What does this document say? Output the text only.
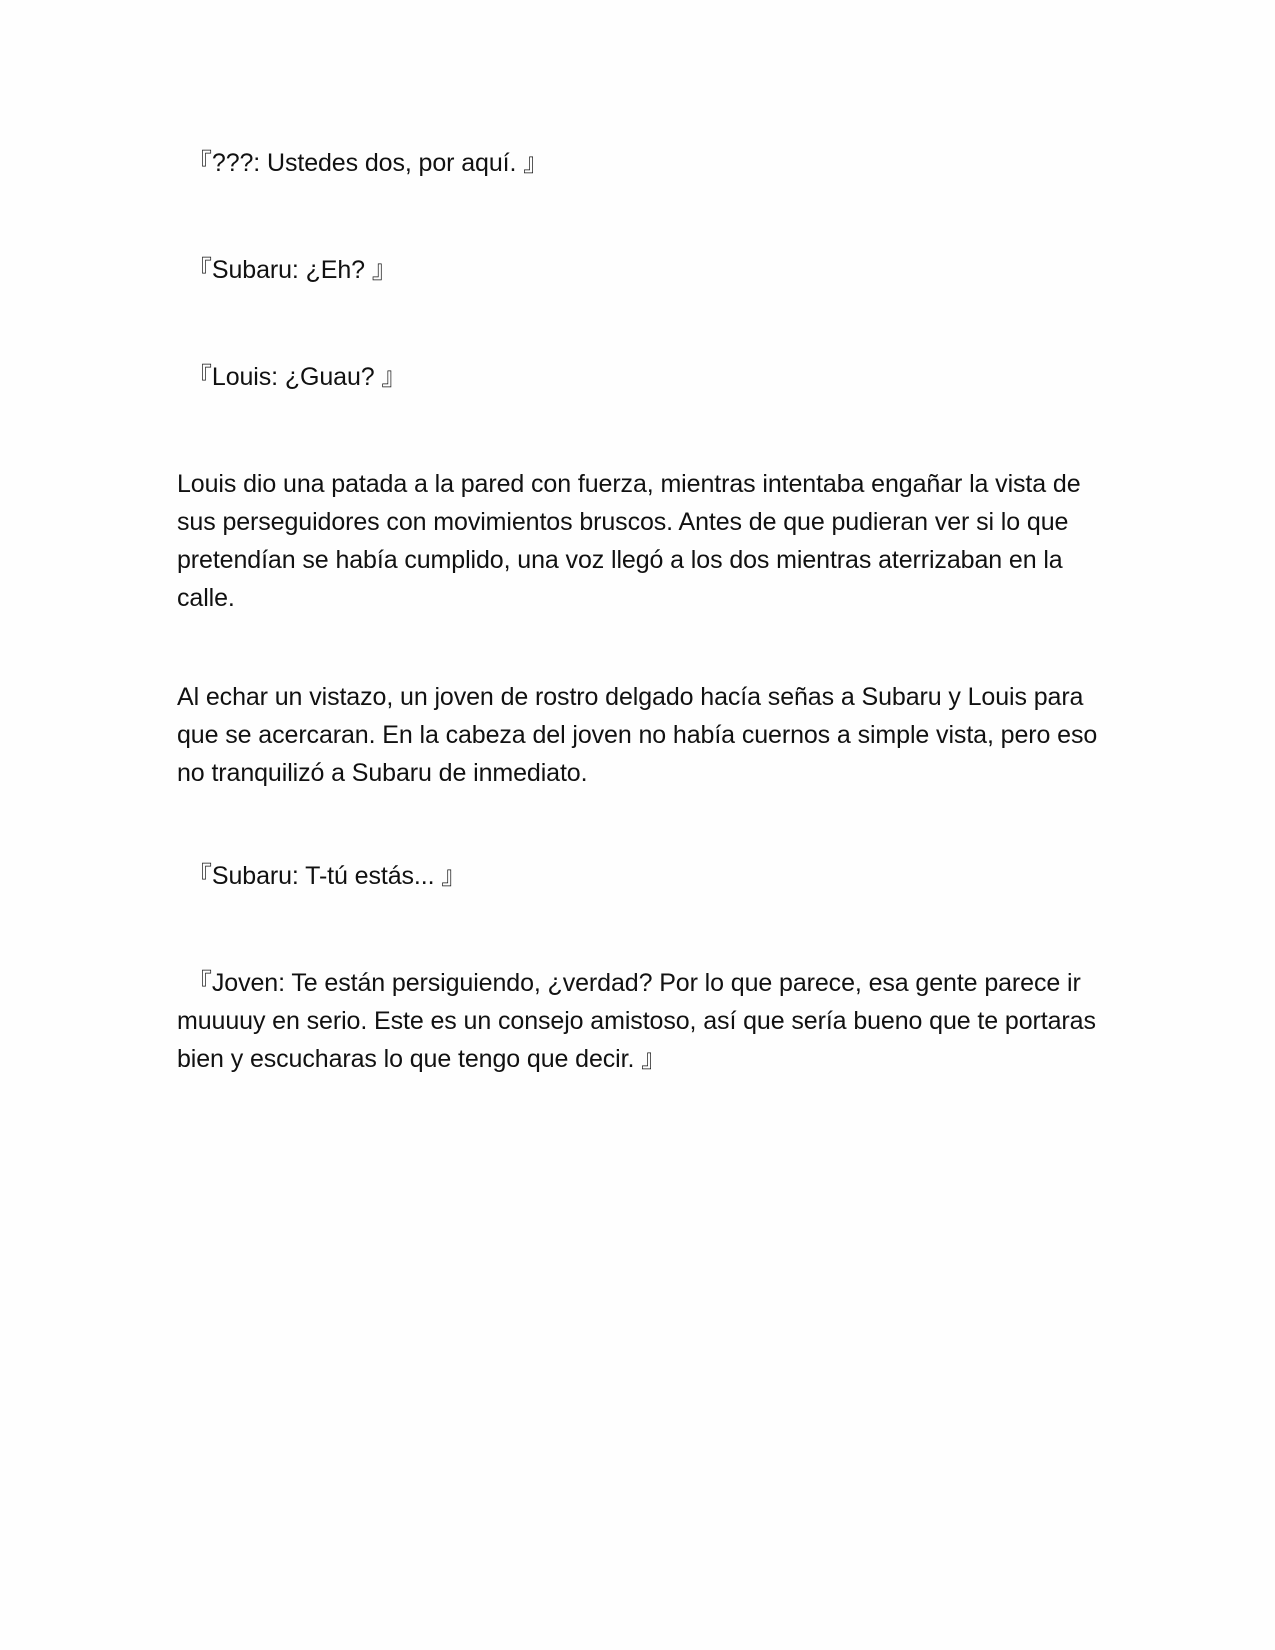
『???: Ustedes dos, por aquí. 』

『Subaru: ¿Eh? 』

『Louis: ¿Guau? 』

Louis dio una patada a la pared con fuerza, mientras intentaba engañar la vista de sus perseguidores con movimientos bruscos. Antes de que pudieran ver si lo que pretendían se había cumplido, una voz llegó a los dos mientras aterrizaban en la calle.

Al echar un vistazo, un joven de rostro delgado hacía señas a Subaru y Louis para que se acercaran. En la cabeza del joven no había cuernos a simple vista, pero eso no tranquilizó a Subaru de inmediato.

『Subaru: T-tú estás... 』

『Joven: Te están persiguiendo, ¿verdad? Por lo que parece, esa gente parece ir muuuuy en serio. Este es un consejo amistoso, así que sería bueno que te portaras bien y escucharas lo que tengo que decir. 』
